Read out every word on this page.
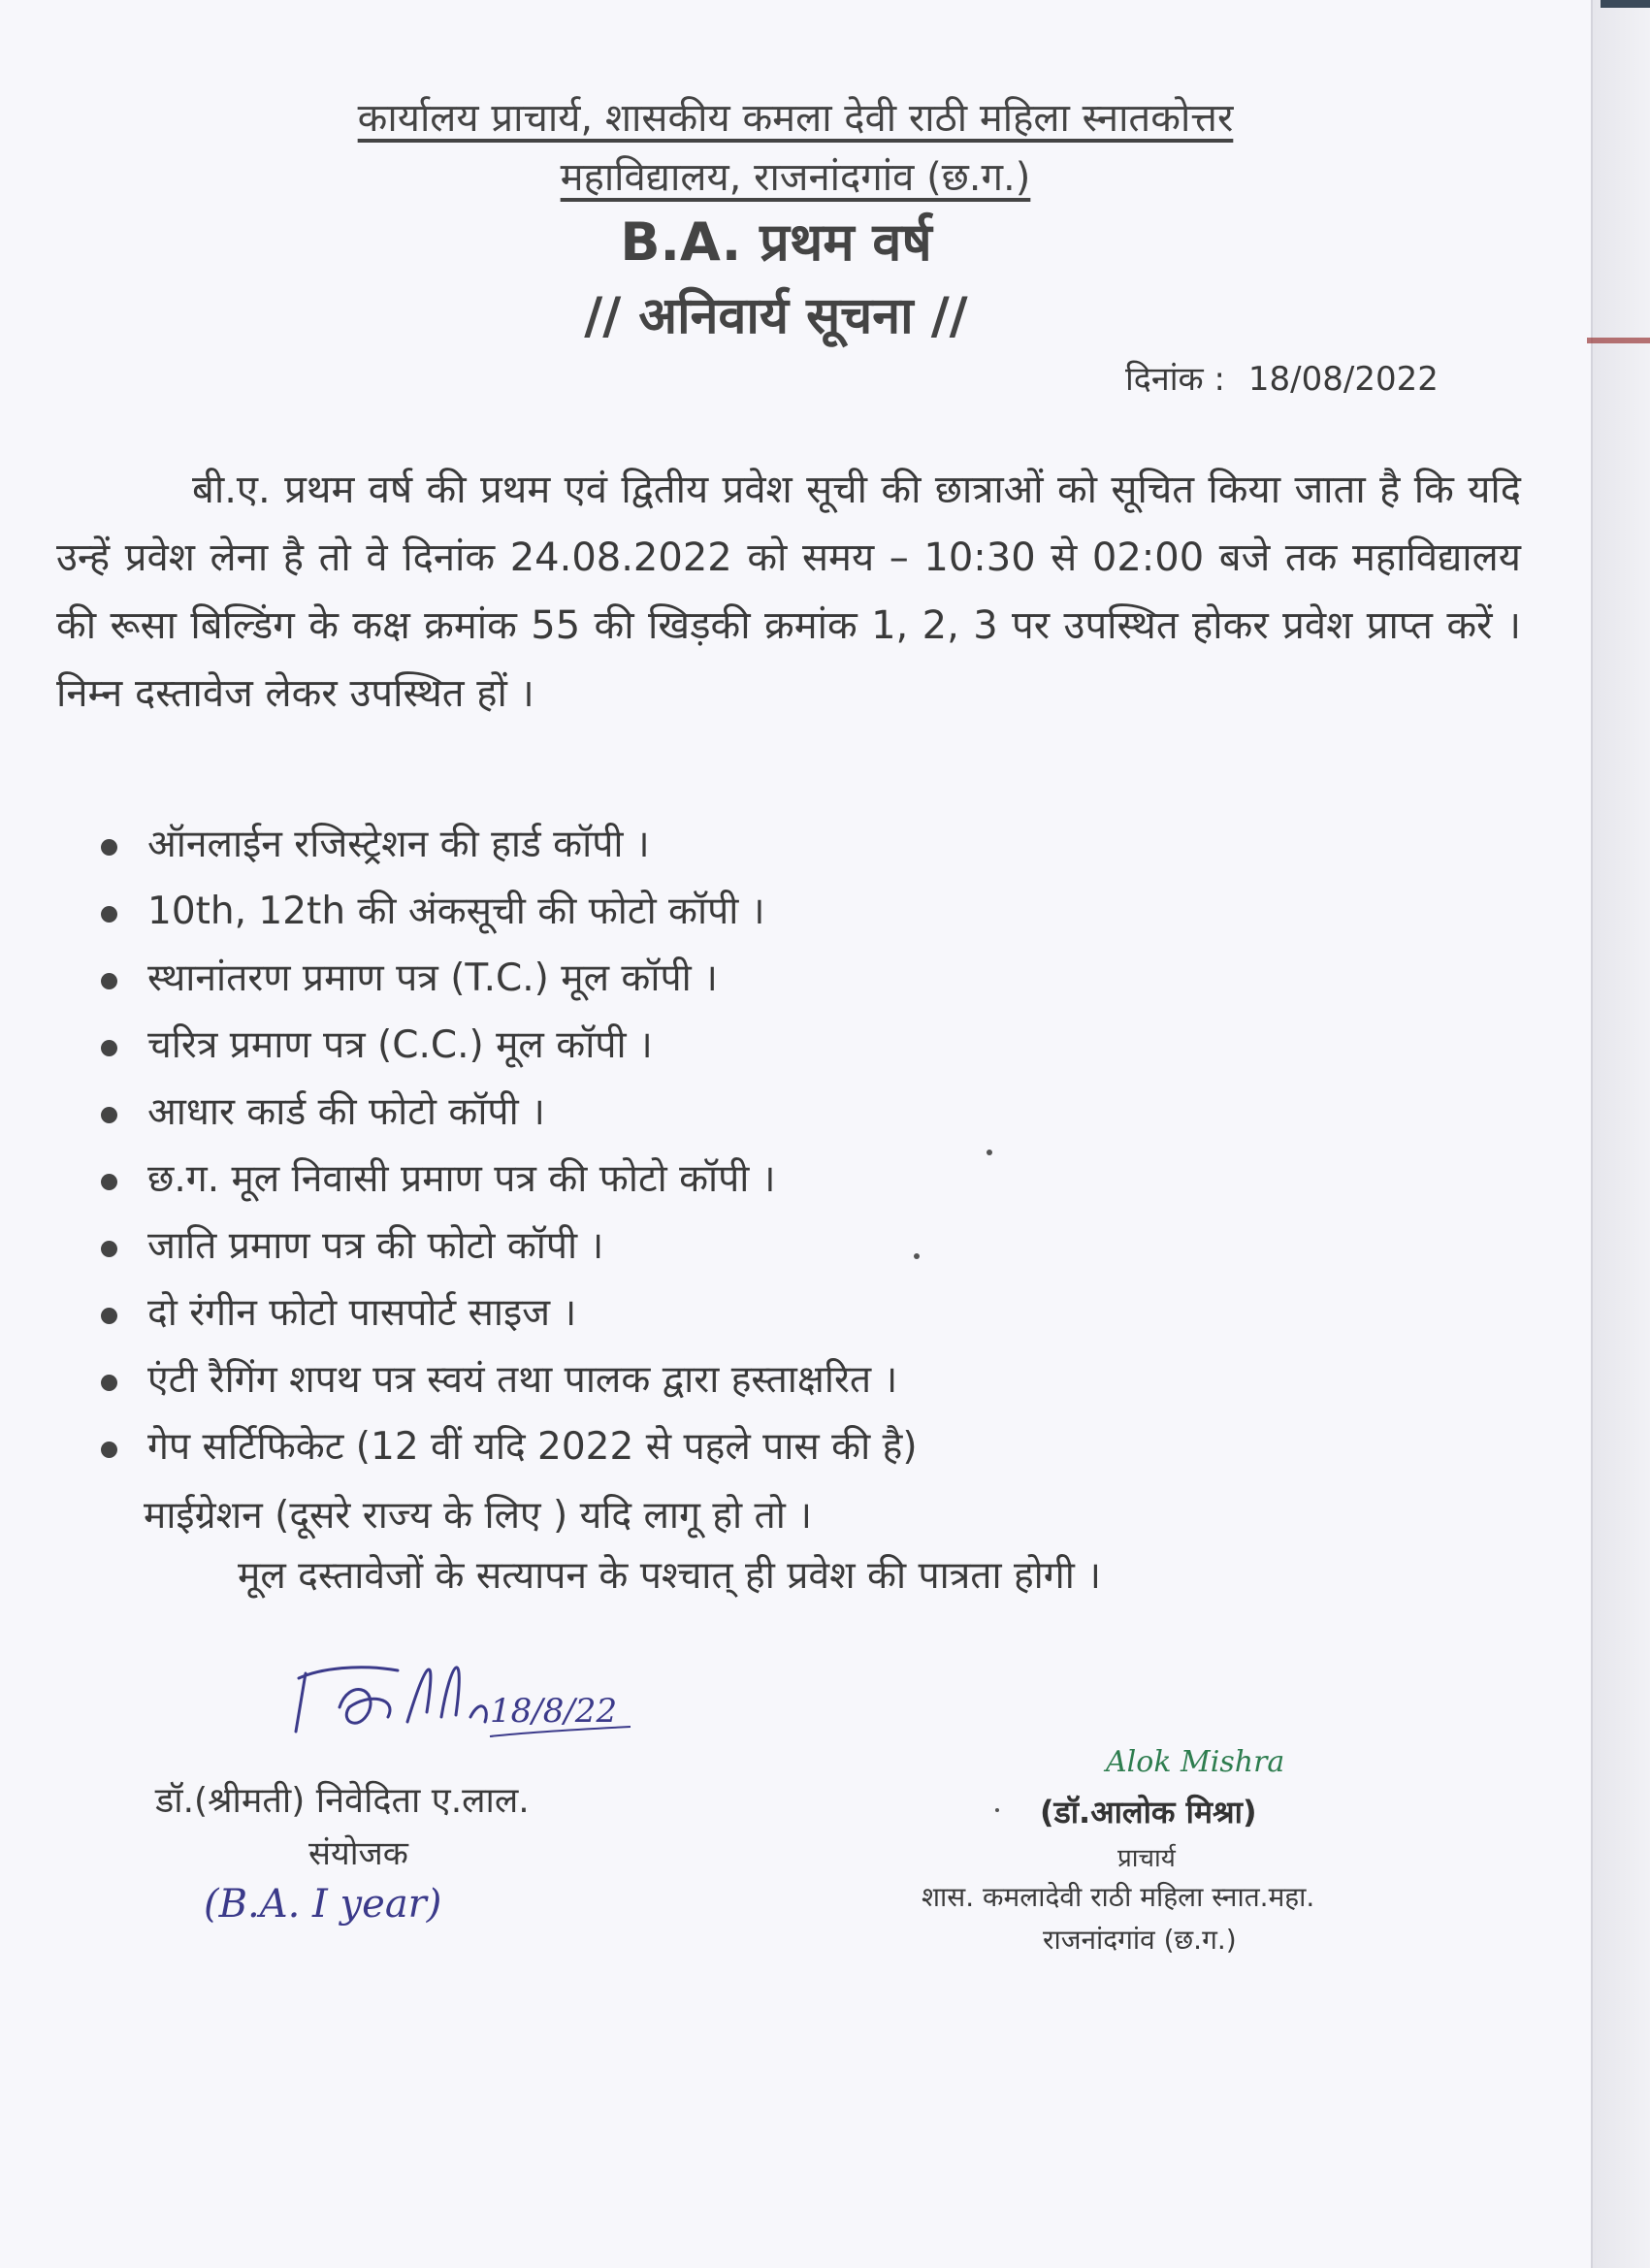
कार्यालय प्राचार्य, शासकीय कमला देवी राठी महिला स्नातकोत्तर
महाविद्यालय, राजनांदगांव (छ.ग.)
B.A. प्रथम वर्ष
// अनिवार्य सूचना //
दिनांक : 18/08/2022
बी.ए. प्रथम वर्ष की प्रथम एवं द्वितीय प्रवेश सूची की छात्राओं को सूचित किया जाता है कि यदि उन्हें प्रवेश लेना है तो वे दिनांक 24.08.2022 को समय – 10:30 से 02:00 बजे तक महाविद्यालय की रूसा बिल्डिंग के कक्ष क्रमांक 55 की खिड़की क्रमांक 1, 2, 3 पर उपस्थित होकर प्रवेश प्राप्त करें । निम्न दस्तावेज लेकर उपस्थित हों ।
ऑनलाईन रजिस्ट्रेशन की हार्ड कॉपी ।
10th, 12th की अंकसूची की फोटो कॉपी ।
स्थानांतरण प्रमाण पत्र (T.C.) मूल कॉपी ।
चरित्र प्रमाण पत्र (C.C.) मूल कॉपी ।
आधार कार्ड की फोटो कॉपी ।
छ.ग. मूल निवासी प्रमाण पत्र की फोटो कॉपी ।
जाति प्रमाण पत्र की फोटो कॉपी ।
दो रंगीन फोटो पासपोर्ट साइज ।
एंटी रैगिंग शपथ पत्र स्वयं तथा पालक द्वारा हस्ताक्षरित ।
गेप सर्टिफिकेट (12 वीं यदि 2022 से पहले पास की है)
माईग्रेशन (दूसरे राज्य के लिए ) यदि लागू हो तो ।
मूल दस्तावेजों के सत्यापन के पश्चात् ही प्रवेश की पात्रता होगी ।
18/8/22
डॉ.(श्रीमती) निवेदिता ए.लाल.
संयोजक
(B.A. I year)
Alok Mishra
(डॉ.आलोक मिश्रा)
प्राचार्य
शास. कमलादेवी राठी महिला स्नात.महा.
राजनांदगांव (छ.ग.)
